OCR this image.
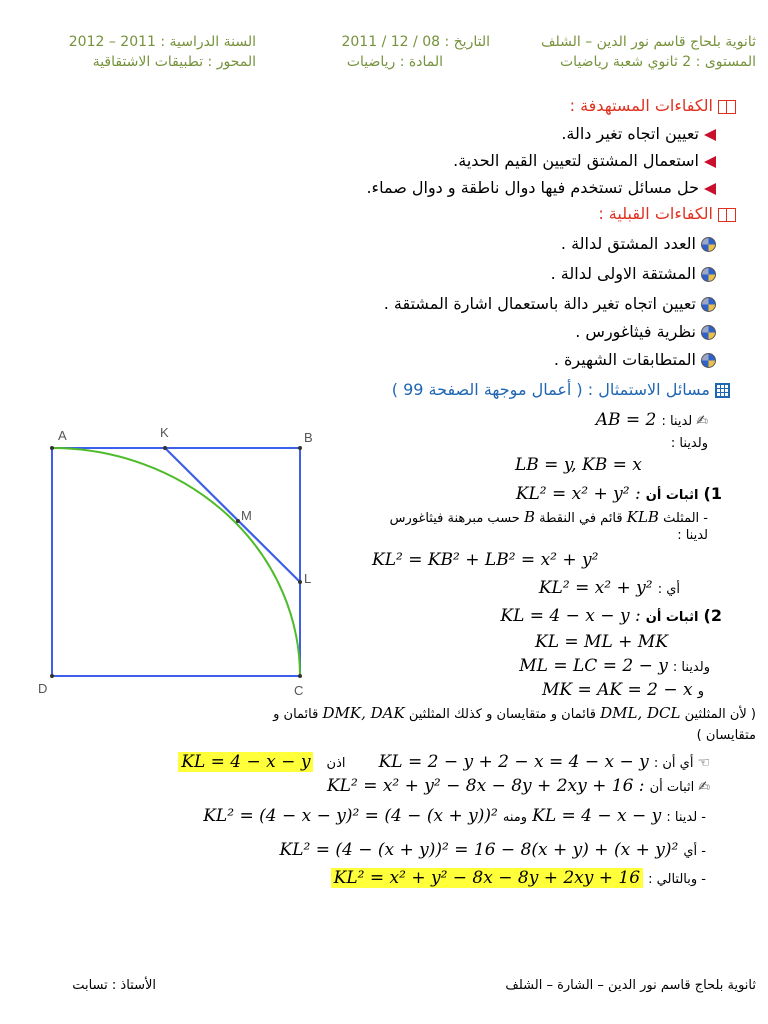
ثانوية بلحاج قاسم نور الدين – الشلف
التاريخ : 08 / 12 / 2011
السنة الدراسية : 2011 – 2012
المستوى : 2 ثانوي شعبة رياضيات
المادة : رياضيات
المحور : تطبيقات الاشتقاقية
الكفاءات المستهدفة :
تعيين اتجاه تغير دالة.
استعمال المشتق لتعيين القيم الحدية.
حل مسائل تستخدم فيها دوال ناطقة و دوال صماء.
الكفاءات القبلية :
العدد المشتق لدالة .
المشتقة الاولى لدالة .
تعيين اتجاه تغير دالة باستعمال اشارة المشتقة .
نظرية فيثاغورس .
المتطابقات الشهيرة .
مسائل الاستمثال : ( أعمال موجهة الصفحة 99 )
A	K	B
M
L
D	C
✍لدينا : AB = 2
ولدينا :
LB = y, KB = x
1) اثبات أن KL² = x² + y² :
- المثلث KLB قائم في النقطة B حسب مبرهنة فيثاغورس
لدينا :
KL² = KB² + LB² = x² + y²
أي : KL² = x² + y²
2) اثبات أن KL = 4 − x − y :
KL = ML + MK
ولدينا : ML = LC = 2 − y
و MK = AK = 2 − x
( لأن المثلثين DML, DCL قائمان و متقايسان و كذلك المثلثين DMK, DAK قائمان و
متقايسان )
☜أي أن : KL = 2 − y + 2 − x = 4 − x − y اذن KL = 4 − x − y
✍اثبات أن KL² = x² + y² − 8x − 8y + 2xy + 16 :
- لدينا : KL = 4 − x − y ومنه KL² = (4 − x − y)² = (4 − (x + y))²
- أي KL² = (4 − (x + y))² = 16 − 8(x + y) + (x + y)²
- وبالتالي : KL² = x² + y² − 8x − 8y + 2xy + 16
ثانوية بلحاج قاسم نور الدين – الشارة – الشلف
الأستاذ : تسابت
